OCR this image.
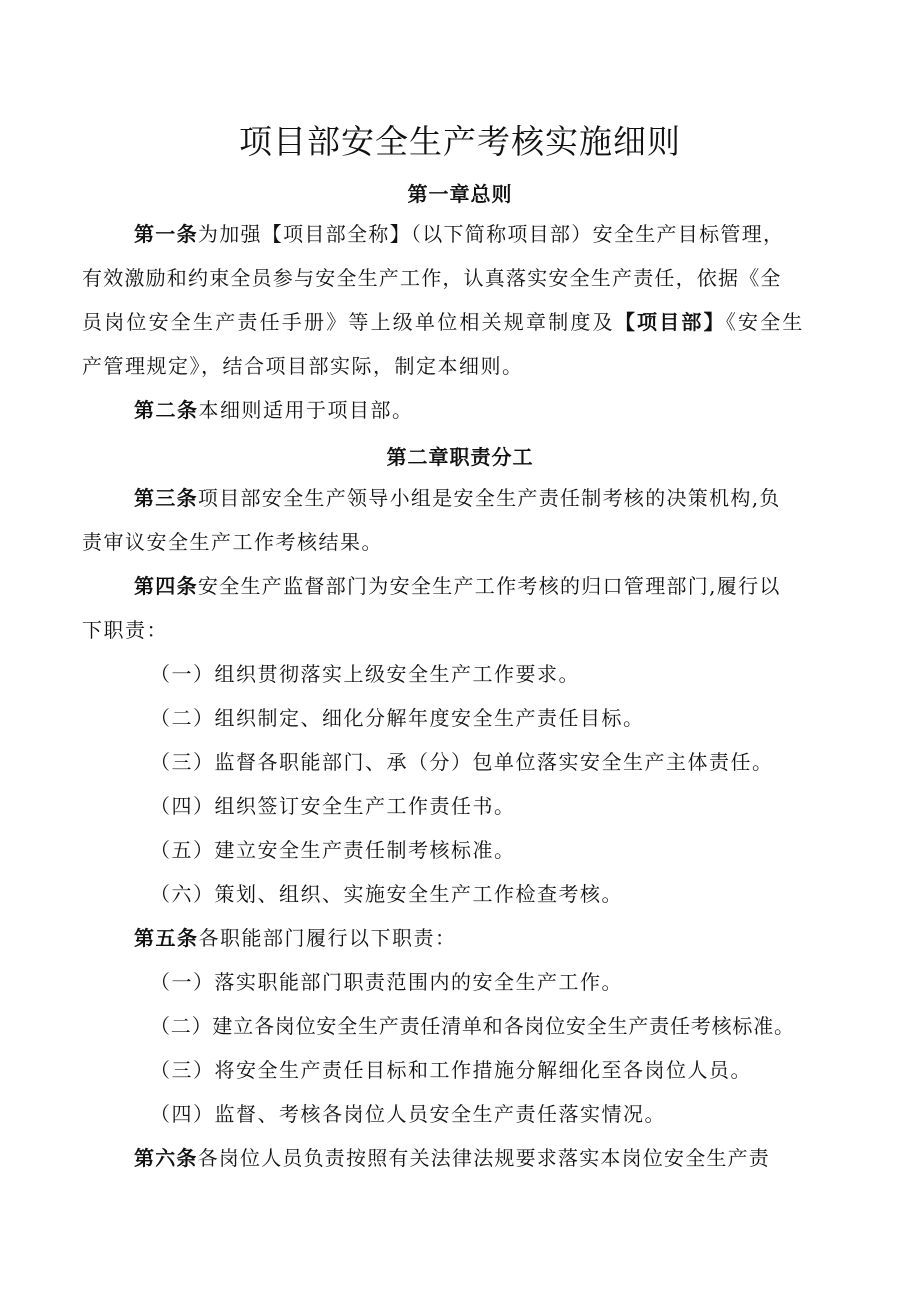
项目部安全生产考核实施细则
第一章总则
第一条为加强【项目部全称】（以下简称项目部）安全生产目标管理，
有效激励和约束全员参与安全生产工作，认真落实安全生产责任，依据《全
员岗位安全生产责任手册》等上级单位相关规章制度及【项目部】《安全生
产管理规定》，结合项目部实际，制定本细则。
第二条本细则适用于项目部。
第二章职责分工
第三条项目部安全生产领导小组是安全生产责任制考核的决策机构,负
责审议安全生产工作考核结果。
第四条安全生产监督部门为安全生产工作考核的归口管理部门,履行以
下职责：
（一）组织贯彻落实上级安全生产工作要求。
（二）组织制定、细化分解年度安全生产责任目标。
（三）监督各职能部门、承（分）包单位落实安全生产主体责任。
（四）组织签订安全生产工作责任书。
（五）建立安全生产责任制考核标准。
（六）策划、组织、实施安全生产工作检查考核。
第五条各职能部门履行以下职责：
（一）落实职能部门职责范围内的安全生产工作。
（二）建立各岗位安全生产责任清单和各岗位安全生产责任考核标准。
（三）将安全生产责任目标和工作措施分解细化至各岗位人员。
（四）监督、考核各岗位人员安全生产责任落实情况。
第六条各岗位人员负责按照有关法律法规要求落实本岗位安全生产责
